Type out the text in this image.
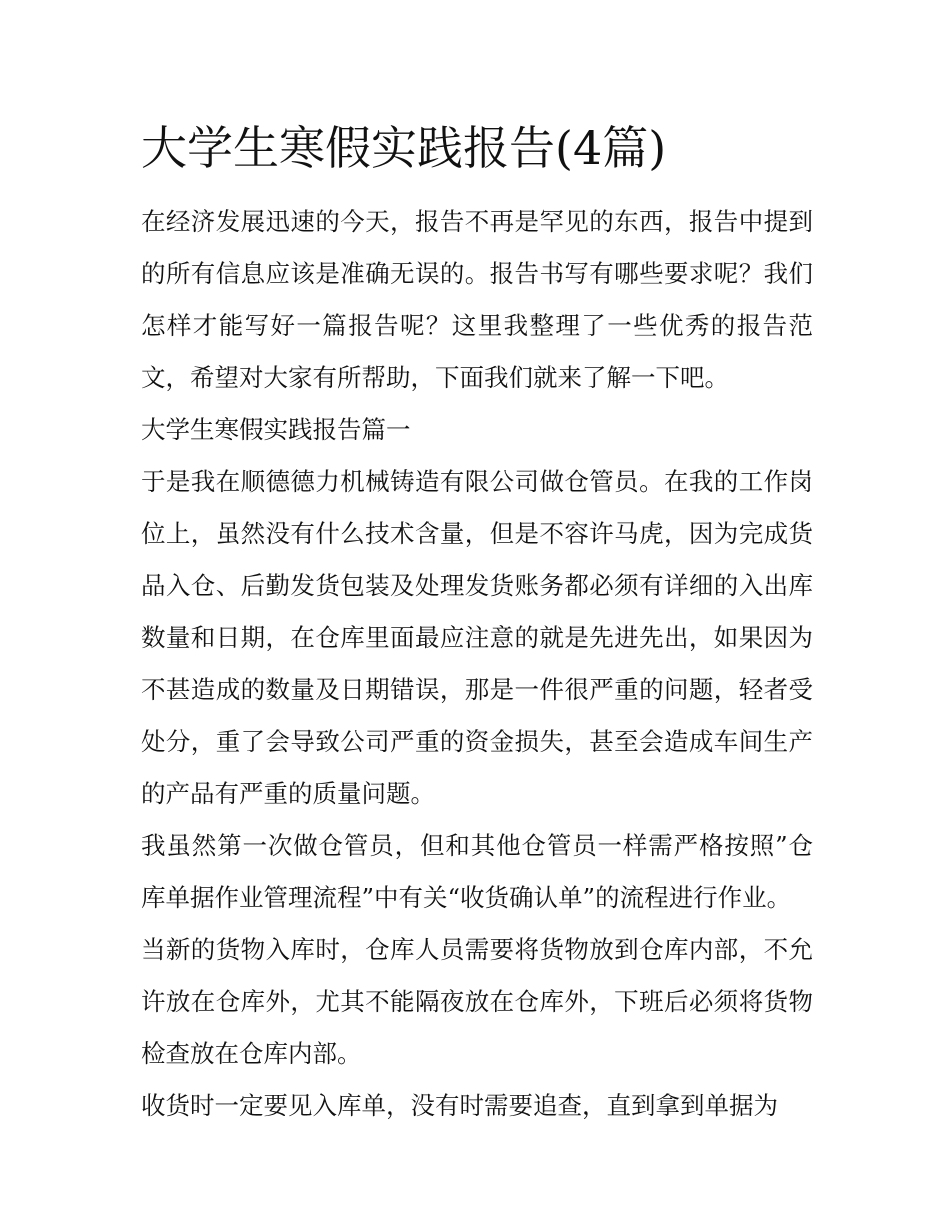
大学生寒假实践报告(4篇)

在经济发展迅速的今天，报告不再是罕见的东西，报告中提到的所有信息应该是准确无误的。报告书写有哪些要求呢？我们怎样才能写好一篇报告呢？这里我整理了一些优秀的报告范文，希望对大家有所帮助，下面我们就来了解一下吧。

大学生寒假实践报告篇一

于是我在顺德德力机械铸造有限公司做仓管员。在我的工作岗位上，虽然没有什么技术含量，但是不容许马虎，因为完成货品入仓、后勤发货包装及处理发货账务都必须有详细的入出库数量和日期，在仓库里面最应注意的就是先进先出，如果因为不甚造成的数量及日期错误，那是一件很严重的问题，轻者受处分，重了会导致公司严重的资金损失，甚至会造成车间生产的产品有严重的质量问题。

我虽然第一次做仓管员，但和其他仓管员一样需严格按照”仓库单据作业管理流程”中有关“收货确认单”的流程进行作业。

当新的货物入库时，仓库人员需要将货物放到仓库内部，不允许放在仓库外，尤其不能隔夜放在仓库外，下班后必须将货物检查放在仓库内部。

收货时一定要见入库单，没有时需要追查，直到拿到单据为
